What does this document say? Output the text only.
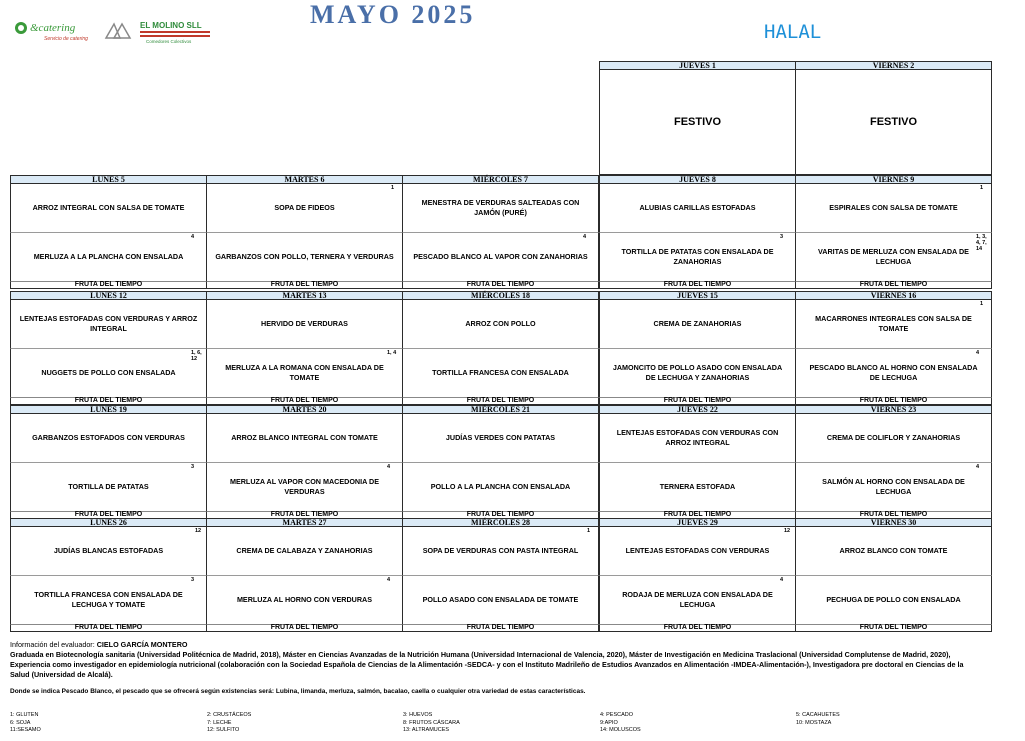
&catering
Servicio de catering
EL MOLINO SLL
Comedores Colectivos
MAYO 2025
HALAL
JUEVES 1	VIERNES 2
FESTIVO	FESTIVO
LUNES 5
ARROZ INTEGRAL CON SALSA DE TOMATE
MERLUZA A LA PLANCHA CON ENSALADA
FRUTA DEL TIEMPO
4
MARTES 6
SOPA DE FIDEOS
GARBANZOS CON POLLO, TERNERA Y VERDURAS
FRUTA DEL TIEMPO
1
MIÉRCOLES 7
MENESTRA DE VERDURAS SALTEADAS CON JAMÓN (PURÉ)
PESCADO BLANCO AL VAPOR CON ZANAHORIAS
FRUTA DEL TIEMPO
4
JUEVES 8
ALUBIAS CARILLAS ESTOFADAS
TORTILLA DE PATATAS CON ENSALADA DE ZANAHORIAS
FRUTA DEL TIEMPO
3
VIERNES 9
ESPIRALES CON SALSA DE TOMATE
VARITAS DE MERLUZA CON ENSALADA DE LECHUGA
FRUTA DEL TIEMPO
1
1, 3, 4, 7, 14
LUNES 12
LENTEJAS ESTOFADAS CON VERDURAS Y ARROZ INTEGRAL
NUGGETS DE POLLO CON ENSALADA
FRUTA DEL TIEMPO
1, 6, 12
MARTES 13
HERVIDO DE VERDURAS
MERLUZA A LA ROMANA CON ENSALADA DE TOMATE
FRUTA DEL TIEMPO
1, 4
MIÉRCOLES 18
ARROZ CON POLLO
TORTILLA FRANCESA CON ENSALADA
FRUTA DEL TIEMPO
JUEVES 15
CREMA DE ZANAHORIAS
JAMONCITO DE POLLO ASADO CON ENSALADA DE LECHUGA Y ZANAHORIAS
FRUTA DEL TIEMPO
VIERNES 16
MACARRONES INTEGRALES CON SALSA DE TOMATE
PESCADO BLANCO AL HORNO CON ENSALADA DE LECHUGA
FRUTA DEL TIEMPO
1
4
LUNES 19
GARBANZOS ESTOFADOS CON VERDURAS
TORTILLA DE PATATAS
FRUTA DEL TIEMPO
3
MARTES 20
ARROZ BLANCO INTEGRAL CON TOMATE
MERLUZA AL VAPOR CON MACEDONIA DE VERDURAS
FRUTA DEL TIEMPO
4
MIÉRCOLES 21
JUDÍAS VERDES CON PATATAS
POLLO A LA PLANCHA CON ENSALADA
FRUTA DEL TIEMPO
JUEVES 22
LENTEJAS ESTOFADAS CON VERDURAS CON ARROZ INTEGRAL
TERNERA ESTOFADA
FRUTA DEL TIEMPO
VIERNES 23
CREMA DE COLIFLOR Y ZANAHORIAS
SALMÓN AL HORNO CON ENSALADA DE LECHUGA
FRUTA DEL TIEMPO
4
LUNES 26
JUDÍAS BLANCAS ESTOFADAS
TORTILLA FRANCESA CON ENSALADA DE LECHUGA Y TOMATE
FRUTA DEL TIEMPO
12
3
MARTES 27
CREMA DE CALABAZA Y ZANAHORIAS
MERLUZA AL HORNO CON VERDURAS
FRUTA DEL TIEMPO
4
MIÉRCOLES 28
SOPA DE VERDURAS CON PASTA INTEGRAL
POLLO ASADO CON ENSALADA DE TOMATE
FRUTA DEL TIEMPO
1
JUEVES 29
LENTEJAS ESTOFADAS CON VERDURAS
RODAJA DE MERLUZA CON ENSALADA DE LECHUGA
FRUTA DEL TIEMPO
12
4
VIERNES 30
ARROZ BLANCO CON TOMATE
PECHUGA DE POLLO CON ENSALADA
FRUTA DEL TIEMPO
Información del evaluador: CIELO GARCÍA MONTERO
Graduada en Biotecnología sanitaria (Universidad Politécnica de Madrid, 2018), Máster en Ciencias Avanzadas de la Nutrición Humana (Universidad Internacional de Valencia, 2020), Máster de Investigación en Medicina Traslacional (Universidad Complutense de Madrid, 2020), Experiencia como investigador en epidemiología nutricional (colaboración con la Sociedad Española de Ciencias de la Alimentación -SEDCA- y con el Instituto Madrileño de Estudios Avanzados en Alimentación -IMDEA-Alimentación-), Investigadora pre doctoral en Ciencias de la Salud (Universidad de Alcalá).
Donde se indica Pescado Blanco, el pescado que se ofrecerá según existencias será: Lubina, limanda, merluza, salmón, bacalao, caella o cualquier otra variedad de estas características.
1: GLUTEN
6: SOJA
11:SESAMO
2: CRUSTÁCEOS
7: LECHE
12: SULFITO
3: HUEVOS
8: FRUTOS CÁSCARA
13: ALTRAMUCES
4: PESCADO
9:APIO
14: MOLUSCOS
5: CACAHUETES
10: MOSTAZA
